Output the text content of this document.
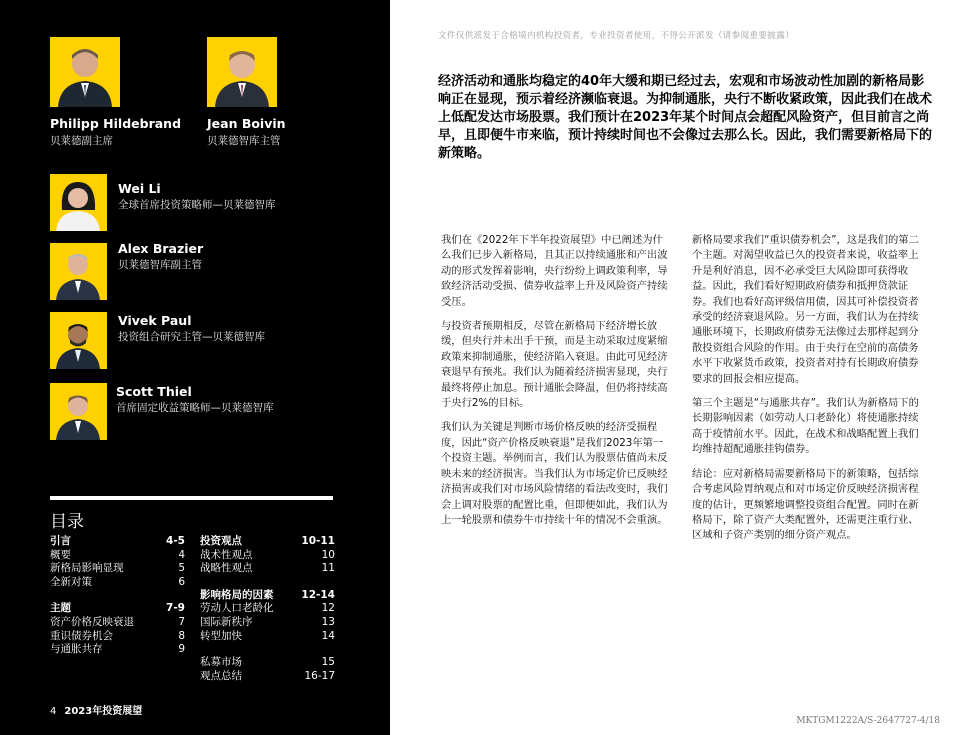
Philipp Hildebrand
贝莱德副主席
Jean Boivin
贝莱德智库主管
Wei Li
全球首席投资策略师—贝莱德智库
Alex Brazier
贝莱德智库副主管
Vivek Paul
投资组合研究主管—贝莱德智库
Scott Thiel
首席固定收益策略师—贝莱德智库
目录
引言	4-5
概要	4
新格局影响显现	5
全新对策	6
主题	7-9
资产价格反映衰退	7
重识债券机会	8
与通胀共存	9
投资观点	10-11
战术性观点	10
战略性观点	11
影响格局的因素	12-14
劳动人口老龄化	12
国际新秩序	13
转型加快	14
私募市场	15
观点总结	16-17
4 2023年投资展望
文件仅供派发于合格境内机构投资者，专业投资者使用，不得公开派发（请参阅重要披露）
经济活动和通胀均稳定的40年大缓和期已经过去，宏观和市场波动性加剧的新格局影响正在显现，预示着经济濒临衰退。为抑制通胀，央行不断收紧政策，因此我们在战术上低配发达市场股票。我们预计在2023年某个时间点会超配风险资产，但目前言之尚早，且即便牛市来临，预计持续时间也不会像过去那么长。因此，我们需要新格局下的新策略。

我们在《2022年下半年投资展望》中已阐述为什么我们已步入新格局，且其正以持续通胀和产出波动的形式发挥着影响，央行纷纷上调政策利率，导致经济活动受损、债券收益率上升及风险资产持续受压。

与投资者预期相反，尽管在新格局下经济增长放缓，但央行并未出手干预，而是主动采取过度紧缩政策来抑制通胀，使经济陷入衰退。由此可见经济衰退早有预兆。我们认为随着经济损害显现，央行最终将停止加息。预计通胀会降温，但仍将持续高于央行2%的目标。

我们认为关键是判断市场价格反映的经济受损程度，因此“资产价格反映衰退”是我们2023年第一个投资主题。举例而言，我们认为股票估值尚未反映未来的经济损害。当我们认为市场定价已反映经济损害或我们对市场风险情绪的看法改变时，我们会上调对股票的配置比重，但即便如此，我们认为上一轮股票和债券牛市持续十年的情况不会重演。

新格局要求我们“重识债券机会”，这是我们的第二个主题。对渴望收益已久的投资者来说，收益率上升是利好消息，因不必承受巨大风险即可获得收益。因此，我们看好短期政府债券和抵押贷款证券。我们也看好高评级信用债，因其可补偿投资者承受的经济衰退风险。另一方面，我们认为在持续通胀环境下，长期政府债券无法像过去那样起到分散投资组合风险的作用。由于央行在空前的高债务水平下收紧货币政策，投资者对持有长期政府债券要求的回报会相应提高。

第三个主题是“与通胀共存”。我们认为新格局下的长期影响因素（如劳动人口老龄化）将使通胀持续高于疫情前水平。因此，在战术和战略配置上我们均维持超配通胀挂钩债券。

结论：应对新格局需要新格局下的新策略，包括综合考虑风险胃纳观点和对市场定价反映经济损害程度的估计，更频繁地调整投资组合配置。同时在新格局下，除了资产大类配置外，还需更注重行业、区域和子资产类别的细分资产观点。

MKTGM1222A/S-2647727-4/18
